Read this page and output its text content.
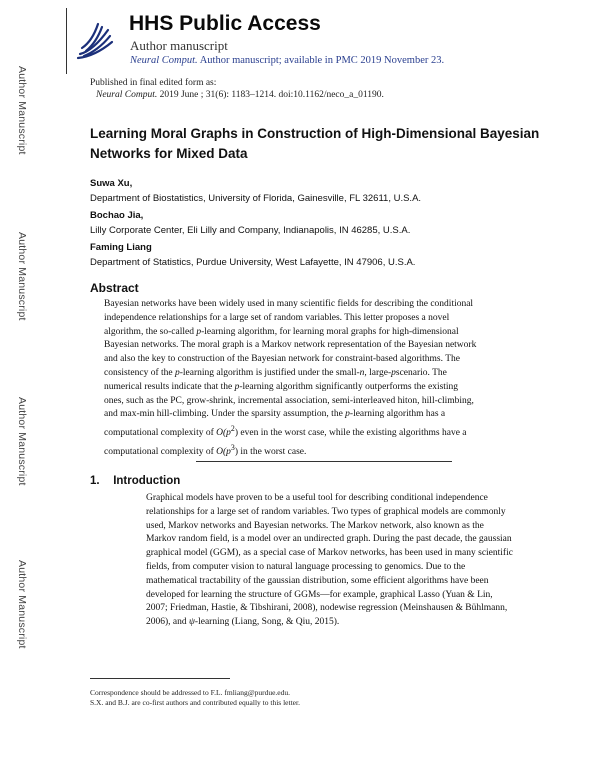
Author Manuscript
Author Manuscript
Author Manuscript
Author Manuscript
HHS Public Access
Author manuscript
Neural Comput. Author manuscript; available in PMC 2019 November 23.
Published in final edited form as:
Neural Comput. 2019 June ; 31(6): 1183–1214. doi:10.1162/neco_a_01190.
Learning Moral Graphs in Construction of High-Dimensional Bayesian Networks for Mixed Data
Suwa Xu,
Department of Biostatistics, University of Florida, Gainesville, FL 32611, U.S.A.
Bochao Jia,
Lilly Corporate Center, Eli Lilly and Company, Indianapolis, IN 46285, U.S.A.
Faming Liang
Department of Statistics, Purdue University, West Lafayette, IN 47906, U.S.A.
Abstract
Bayesian networks have been widely used in many scientific fields for describing the conditional independence relationships for a large set of random variables. This letter proposes a novel algorithm, the so-called p-learning algorithm, for learning moral graphs for high-dimensional Bayesian networks. The moral graph is a Markov network representation of the Bayesian network and also the key to construction of the Bayesian network for constraint-based algorithms. The consistency of the p-learning algorithm is justified under the small-n, large-pscenario. The numerical results indicate that the p-learning algorithm significantly outperforms the existing ones, such as the PC, grow-shrink, incremental association, semi-interleaved hiton, hill-climbing, and max-min hill-climbing. Under the sparsity assumption, the p-learning algorithm has a computational complexity of $O(p^2)$ even in the worst case, while the existing algorithms have a computational complexity of $O(p^3)$ in the worst case.
1. Introduction
Graphical models have proven to be a useful tool for describing conditional independence relationships for a large set of random variables. Two types of graphical models are commonly used, Markov networks and Bayesian networks. The Markov network, also known as the Markov random field, is a model over an undirected graph. During the past decade, the gaussian graphical model (GGM), as a special case of Markov networks, has been used in many scientific fields, from computer vision to natural language processing to genomics. Due to the mathematical tractability of the gaussian distribution, some efficient algorithms have been developed for learning the structure of GGMs—for example, graphical Lasso (Yuan & Lin, 2007; Friedman, Hastie, & Tibshirani, 2008), nodewise regression (Meinshausen & Bühlmann, 2006), and ψ-learning (Liang, Song, & Qiu, 2015).
Correspondence should be addressed to F.L. fmliang@purdue.edu.
S.X. and B.J. are co-first authors and contributed equally to this letter.
